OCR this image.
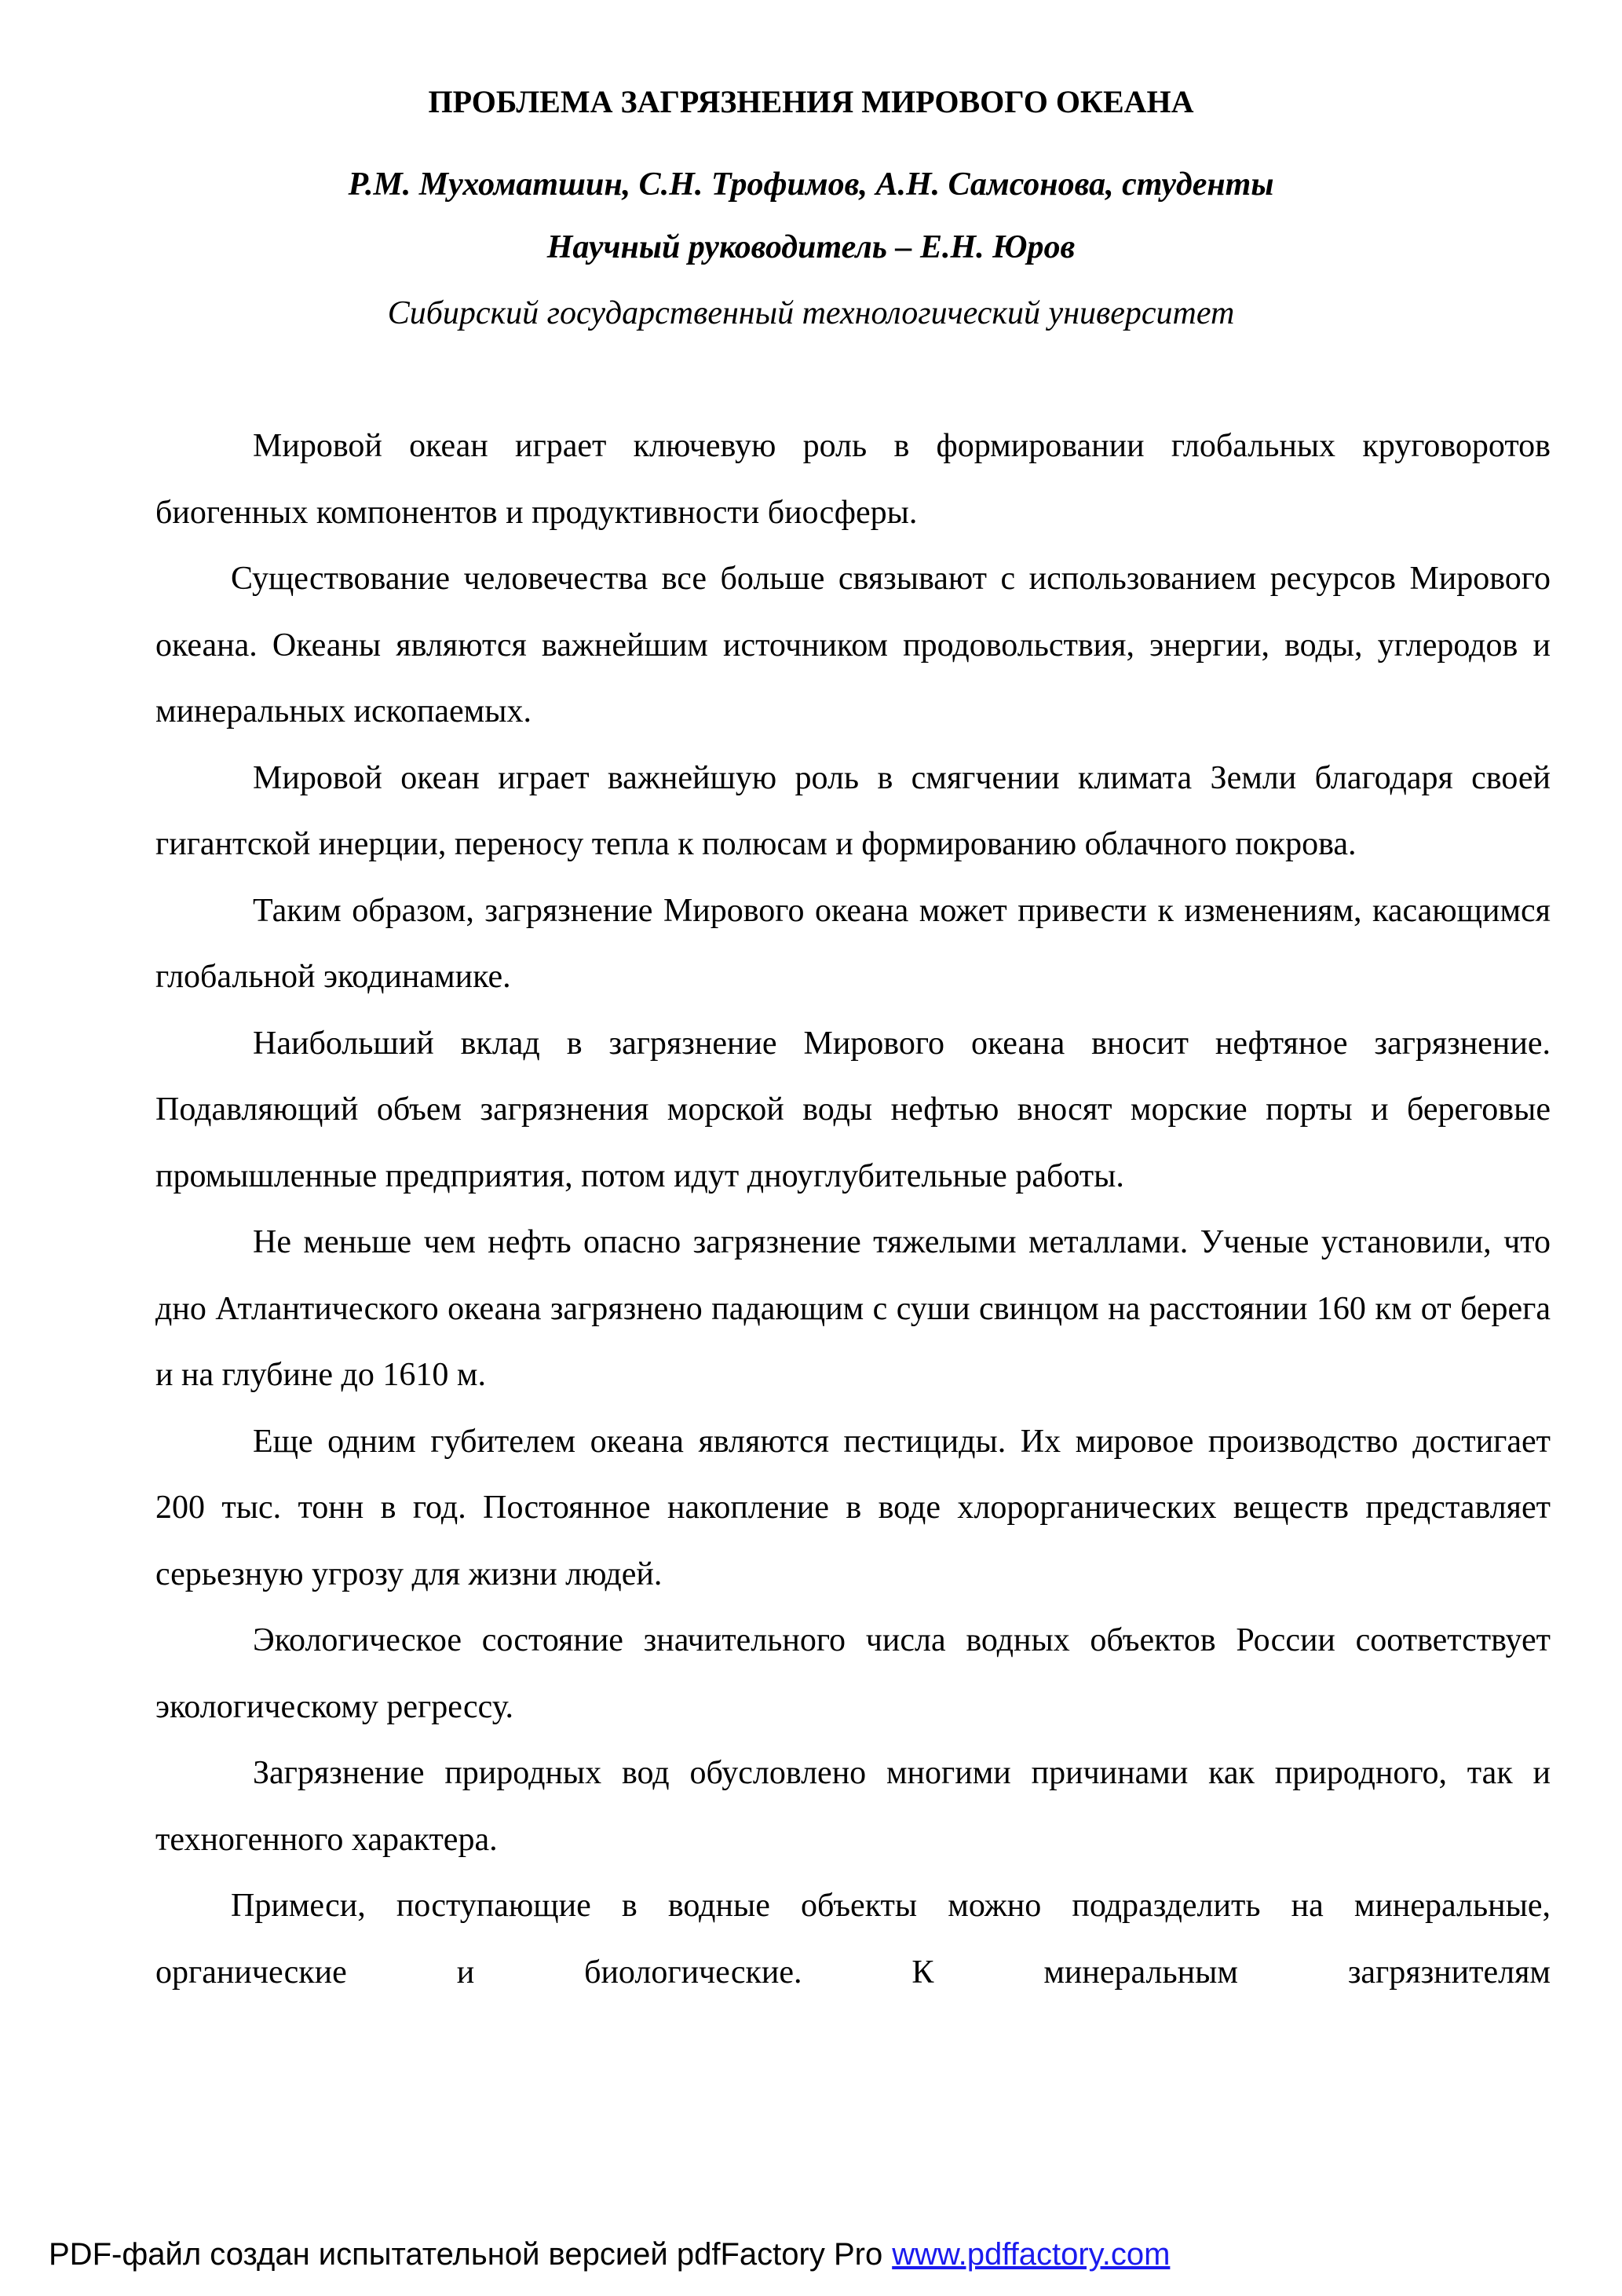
ПРОБЛЕМА ЗАГРЯЗНЕНИЯ МИРОВОГО ОКЕАНА
Р.М. Мухоматшин, С.Н. Трофимов, А.Н. Самсонова, студенты
Научный руководитель – Е.Н. Юров
Сибирский государственный технологический университет

Мировой океан играет ключевую роль в формировании глобальных круговоротов биогенных компонентов и продуктивности биосферы.

Существование человечества все больше связывают с использованием ресурсов Мирового океана. Океаны являются важнейшим источником продовольствия, энергии, воды, углеродов и минеральных ископаемых.

Мировой океан играет важнейшую роль в смягчении климата Земли благодаря своей гигантской инерции, переносу тепла к полюсам и формированию облачного покрова.

Таким образом, загрязнение Мирового океана может привести к изменениям, касающимся глобальной экодинамике.

Наибольший вклад в загрязнение Мирового океана вносит нефтяное загрязнение. Подавляющий объем загрязнения морской воды нефтью вносят морские порты и береговые промышленные предприятия, потом идут дноуглубительные работы.

Не меньше чем нефть опасно загрязнение тяжелыми металлами. Ученые установили, что дно Атлантического океана загрязнено падающим с суши свинцом на расстоянии 160 км от берега и на глубине до 1610 м.

Еще одним губителем океана являются пестициды. Их мировое производство достигает 200 тыс. тонн в год. Постоянное накопление в воде хлорорганических веществ представляет серьезную угрозу для жизни людей.

Экологическое состояние значительного числа водных объектов России соответствует экологическому регрессу.

Загрязнение природных вод обусловлено многими причинами как природного, так и техногенного характера.

Примеси, поступающие в водные объекты можно подразделить на минеральные, органические и биологические. К минеральным загрязнителям

PDF-файл создан испытательной версией pdfFactory Pro www.pdffactory.com
